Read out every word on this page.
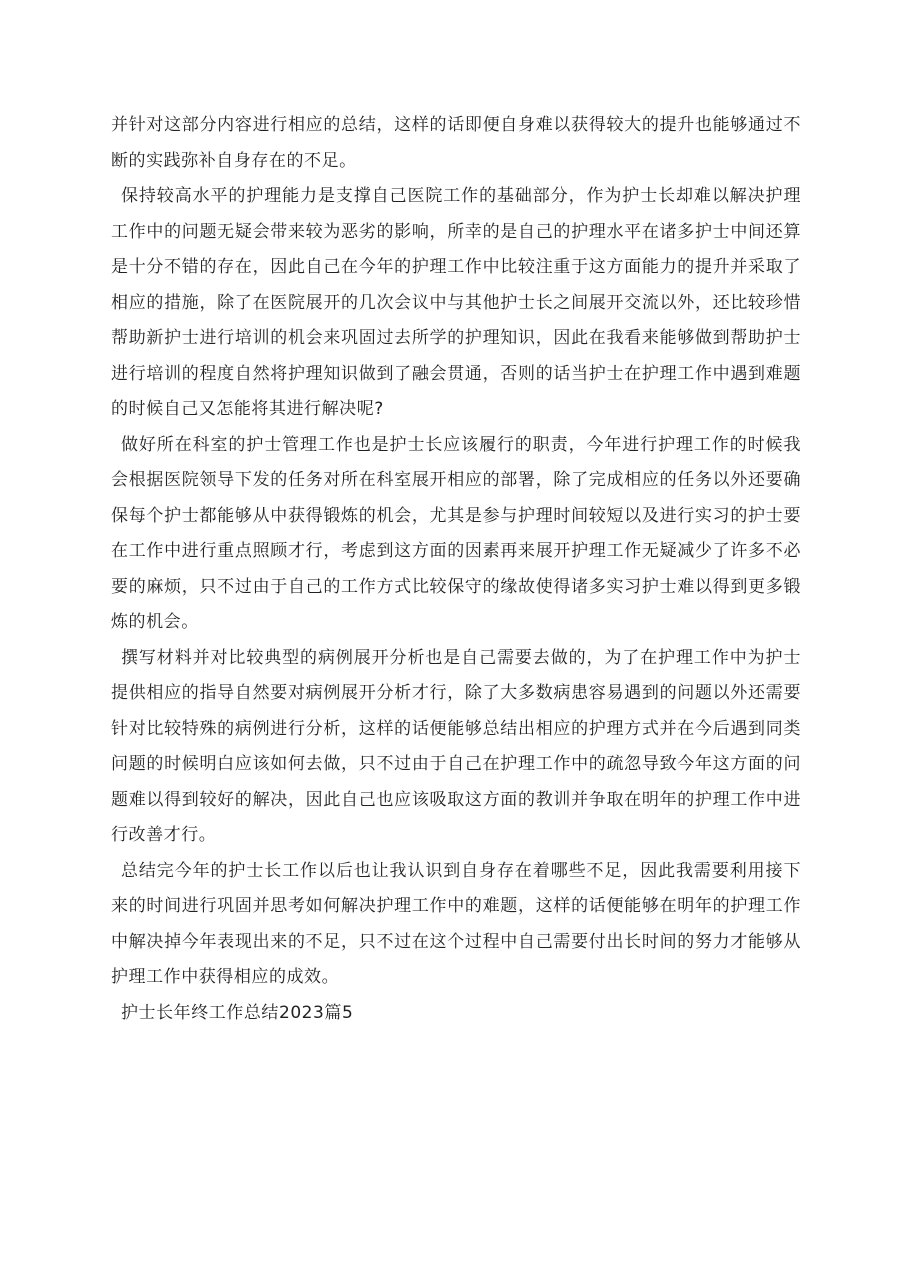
并针对这部分内容进行相应的总结，这样的话即便自身难以获得较大的提升也能够通过不断的实践弥补自身存在的不足。

保持较高水平的护理能力是支撑自己医院工作的基础部分，作为护士长却难以解决护理工作中的问题无疑会带来较为恶劣的影响，所幸的是自己的护理水平在诸多护士中间还算是十分不错的存在，因此自己在今年的护理工作中比较注重于这方面能力的提升并采取了相应的措施，除了在医院展开的几次会议中与其他护士长之间展开交流以外，还比较珍惜帮助新护士进行培训的机会来巩固过去所学的护理知识，因此在我看来能够做到帮助护士进行培训的程度自然将护理知识做到了融会贯通，否则的话当护士在护理工作中遇到难题的时候自己又怎能将其进行解决呢?

做好所在科室的护士管理工作也是护士长应该履行的职责，今年进行护理工作的时候我会根据医院领导下发的任务对所在科室展开相应的部署，除了完成相应的任务以外还要确保每个护士都能够从中获得锻炼的机会，尤其是参与护理时间较短以及进行实习的护士要在工作中进行重点照顾才行，考虑到这方面的因素再来展开护理工作无疑减少了许多不必要的麻烦，只不过由于自己的工作方式比较保守的缘故使得诸多实习护士难以得到更多锻炼的机会。

撰写材料并对比较典型的病例展开分析也是自己需要去做的，为了在护理工作中为护士提供相应的指导自然要对病例展开分析才行，除了大多数病患容易遇到的问题以外还需要针对比较特殊的病例进行分析，这样的话便能够总结出相应的护理方式并在今后遇到同类问题的时候明白应该如何去做，只不过由于自己在护理工作中的疏忽导致今年这方面的问题难以得到较好的解决，因此自己也应该吸取这方面的教训并争取在明年的护理工作中进行改善才行。

总结完今年的护士长工作以后也让我认识到自身存在着哪些不足，因此我需要利用接下来的时间进行巩固并思考如何解决护理工作中的难题，这样的话便能够在明年的护理工作中解决掉今年表现出来的不足，只不过在这个过程中自己需要付出长时间的努力才能够从护理工作中获得相应的成效。

护士长年终工作总结2023篇5
